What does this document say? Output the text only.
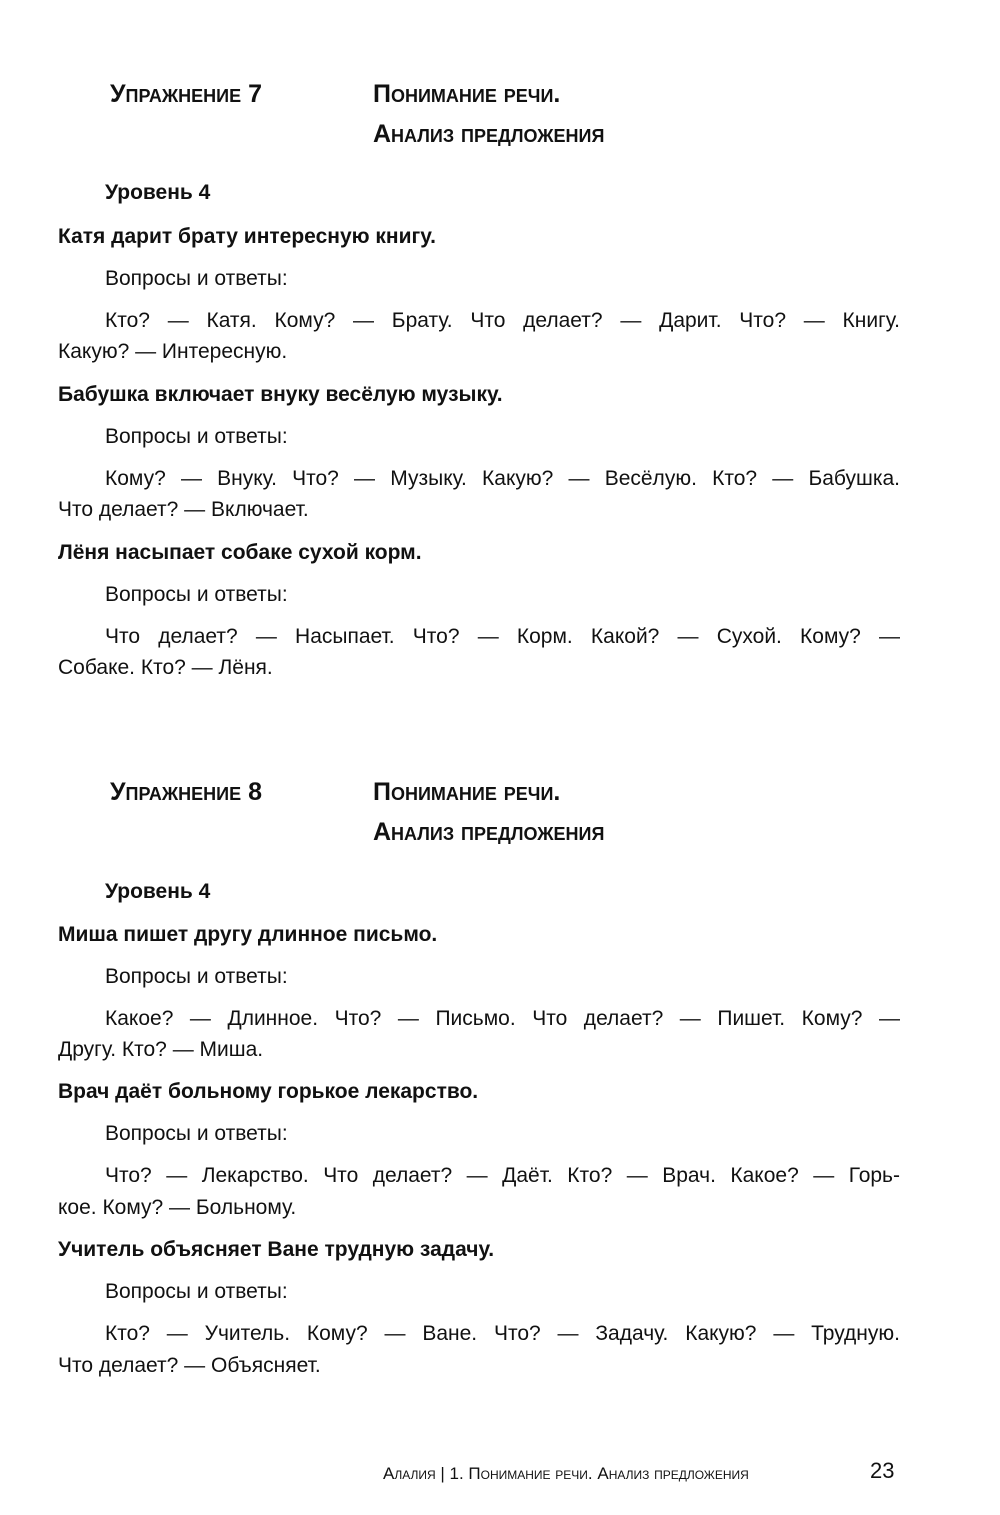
Упражнение 7	Понимание речи.
Анализ предложения
Уровень 4
Катя дарит брату интересную книгу.
Вопросы и ответы:
Кто? — Катя. Кому? — Брату. Что делает? — Дарит. Что? — Книгу.
Какую? — Интересную.
Бабушка включает внуку весёлую музыку.
Вопросы и ответы:
Кому? — Внуку. Что? — Музыку. Какую? — Весёлую. Кто? — Бабушка.
Что делает? — Включает.
Лёня насыпает собаке сухой корм.
Вопросы и ответы:
Что делает? — Насыпает. Что? — Корм. Какой? — Сухой. Кому? —
Собаке. Кто? — Лёня.
Упражнение 8	Понимание речи.
Анализ предложения
Уровень 4
Миша пишет другу длинное письмо.
Вопросы и ответы:
Какое? — Длинное. Что? — Письмо. Что делает? — Пишет. Кому? —
Другу. Кто? — Миша.
Врач даёт больному горькое лекарство.
Вопросы и ответы:
Что? — Лекарство. Что делает? — Даёт. Кто? — Врач. Какое? — Горь-
кое. Кому? — Больному.
Учитель объясняет Ване трудную задачу.
Вопросы и ответы:
Кто? — Учитель. Кому? — Ване. Что? — Задачу. Какую? — Трудную.
Что делает? — Объясняет.
Алалия | 1. Понимание речи. Анализ предложения	23
